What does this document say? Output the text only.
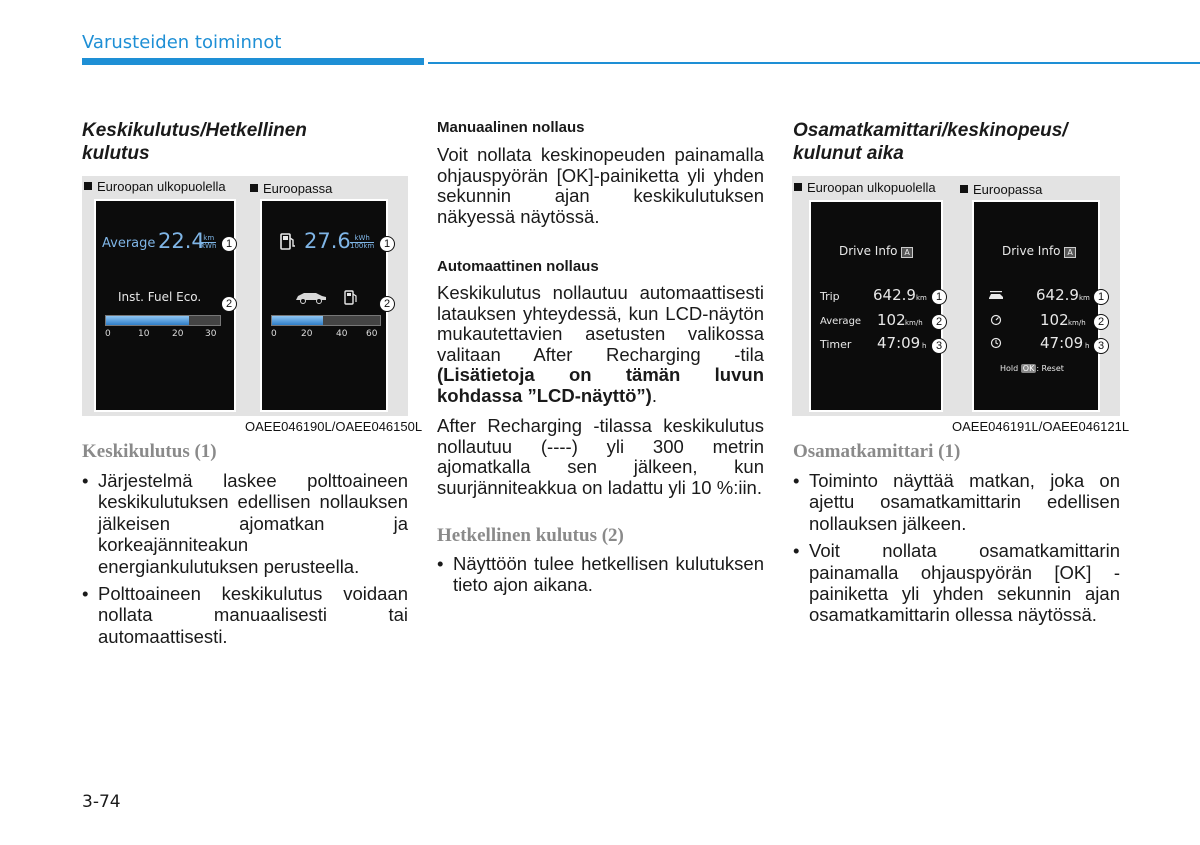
Varusteiden toiminnot
Keskikulutus/Hetkellinen
kulutus
Euroopan ulkopuolella	Euroopassa
Average 22.4
km
kWh
Inst. Fuel Eco.
0	10	20 30
1
2
27.6 kWh
100km
0	20	40 60
1
2
OAEE046190L/OAEE046150L
Keskikulutus (1)
• Järjestelmä laskee polttoaineen keskikulutuksen edellisen nollauksen jälkeisen ajomatkan ja korkeajänniteakun energiankulutuksen perusteella.
• Polttoaineen keskikulutus voidaan nollata manuaalisesti tai automaattisesti.
Manuaalinen nollaus
Voit nollata keskinopeuden painamalla ohjauspyörän [OK]-painiketta yli yhden sekunnin ajan keskikulutuksen näkyessä näytössä.
Automaattinen nollaus
Keskikulutus nollautuu automaattisesti latauksen yhteydessä, kun LCD-näytön mukautettavien asetusten valikossa valitaan After Recharging -tila (Lisätietoja on tämän luvun kohdassa ”LCD-näyttö”).
After Recharging -tilassa keskikulutus nollautuu (----) yli 300 metrin ajomatkalla sen jälkeen, kun suurjänniteakkua on ladattu yli 10 %:iin.
Hetkellinen kulutus (2)
• Näyttöön tulee hetkellisen kulutuksen tieto ajon aikana.
Osamatkamittari/keskinopeus/
kulunut aika
Euroopan ulkopuolella	Euroopassa
Drive Info A
Trip 642.9 km
Average 102 km/h
Timer 47:09 h
1
2
3
Drive Info A
642.9 km
102 km/h
47:09 h
Hold OK : Reset
1
2
3
OAEE046191L/OAEE046121L
Osamatkamittari (1)
• Toiminto näyttää matkan, joka on ajettu osamatkamittarin edellisen nollauksen jälkeen.
• Voit nollata osamatkamittarin painamalla ohjauspyörän [OK] -painiketta yli yhden sekunnin ajan osamatkamittarin ollessa näytössä.
3-74
